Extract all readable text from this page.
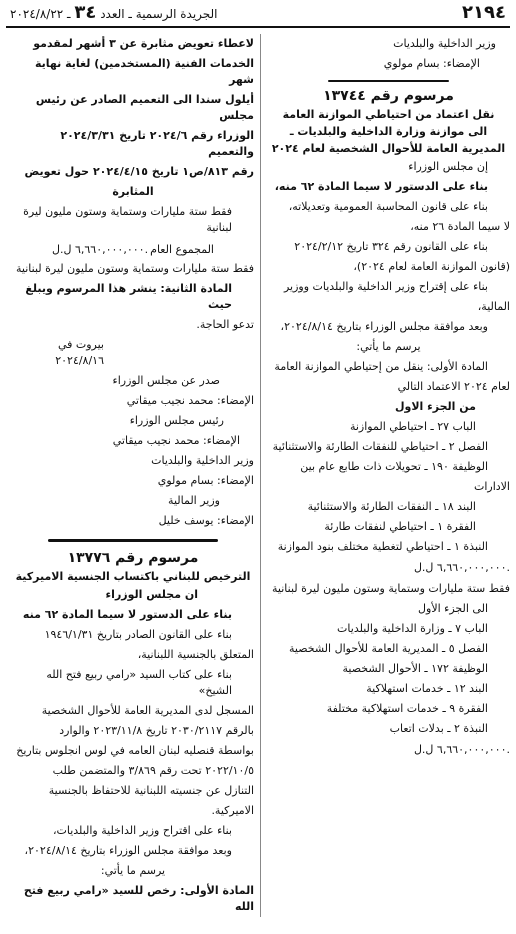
٢١٩٤
الجريدة الرسمية ـ العدد ٣٤ ـ ٢٠٢٤/٨/٢٢

وزير الداخلية والبلديات

الإمضاء: بسام مولوي

مرسوم رقم ١٣٧٤٤

نقل اعتماد من احتياطي الموازنة العامة

الى موازنة وزارة الداخلية والبلديات ـ

المديرية العامة للأحوال الشخصية لعام ٢٠٢٤

إن مجلس الوزراء

بناء على الدستور لا سيما المادة ٦٢ منه،

بناء على قانون المحاسبة العمومية وتعديلاته،

لا سيما المادة ٢٦ منه،

بناء على القانون رقم ٣٢٤ تاريخ ٢٠٢٤/٢/١٢

(قانون الموازنة العامة لعام ٢٠٢٤)،

بناء على إقتراح وزير الداخلية والبلديات ووزير

المالية،

وبعد موافقة مجلس الوزراء بتاريخ ٢٠٢٤/٨/١٤،

يرسم ما يأتي:

المادة الأولى: ينقل من إحتياطي الموازنة العامة

لعام ٢٠٢٤ الاعتماد التالي

من الجزء الاول

الباب ٢٧ ـ احتياطي الموازنة

الفصل ٢ ـ احتياطي للنفقات الطارئة والاستثنائية

الوظيفة ١٩٠ ـ تحويلات ذات طابع عام بين

الادارات

البند ١٨ ـ النفقات الطارئة والاستثنائية

الفقرة ١ ـ احتياطي لنفقات طارئة

النبذة ١ ـ احتياطي لتغطية مختلف بنود الموازنة

٦,٦٦٠,٠٠٠,٠٠٠ ل.ل.

فقط ستة مليارات وستماية وستون مليون ليرة لبنانية

الى الجزء الأول

الباب ٧ ـ وزارة الداخلية والبلديات

الفصل ٥ ـ المديرية العامة للأحوال الشخصية

الوظيفة ١٧٢ ـ الأحوال الشخصية

البند ١٢ ـ خدمات استهلاكية

الفقرة ٩ ـ خدمات استهلاكية مختلفة

النبذة ٢ ـ بدلات اتعاب

٦,٦٦٠,٠٠٠,٠٠٠ ل.ل.

لاعطاء تعويض مثابرة عن ٣ أشهر لمقدمو

الخدمات الفنية (المستخدمين) لغاية نهاية شهر

أيلول سندا الى التعميم الصادر عن رئيس مجلس

الوزراء رقم ٢٠٢٤/٦ تاريخ ٢٠٢٤/٣/٣١ والتعميم

رقم ٨١٣/ص١ تاريخ ٢٠٢٤/٤/١٥ حول تعويض

المثابرة

فقط ستة مليارات وستماية وستون مليون ليرة لبنانية

المجموع العام
٦,٦٦٠,٠٠٠,٠٠٠ ل.ل.

فقط ستة مليارات وستماية وستون مليون ليرة لبنانية

المادة الثانية: ينشر هذا المرسوم ويبلغ حيث

تدعو الحاجة.

بيروت في ٢٠٢٤/٨/١٦

صدر عن مجلس الوزراء

الإمضاء: محمد نجيب ميقاتي

رئيس مجلس الوزراء

الإمضاء: محمد نجيب ميقاتي

وزير الداخلية والبلديات

الإمضاء: بسام مولوي

وزير المالية

الإمضاء: يوسف خليل

مرسوم رقم ١٣٧٧٦

الترخيص للبناني باكتساب الجنسية الاميركية

ان مجلس الوزراء

بناء على الدستور لا سيما المادة ٦٢ منه

بناء على القانون الصادر بتاريخ ١٩٤٦/١/٣١

المتعلق بالجنسية اللبنانية،

بناء على كتاب السيد «رامي ربيع فتح الله الشيخ»

المسجل لدى المديرية العامة للأحوال الشخصية

بالرقم ٢٠٣٠/٢١١٧ تاريخ ٢٠٢٣/١١/٨ والوارد

بواسطة قنصليه لبنان العامه في لوس انجلوس بتاريخ

٢٠٢٢/١٠/٥ تحت رقم ٣/٨٦٩ والمتضمن طلب

التنازل عن جنسيته اللبنانية للاحتفاظ بالجنسية

الاميركية.

بناء على اقتراح وزير الداخلية والبلديات،

وبعد موافقة مجلس الوزراء بتاريخ ٢٠٢٤/٨/١٤،

يرسم ما يأتي:

المادة الأولى: رخص للسيد «رامي ربيع فتح الله
